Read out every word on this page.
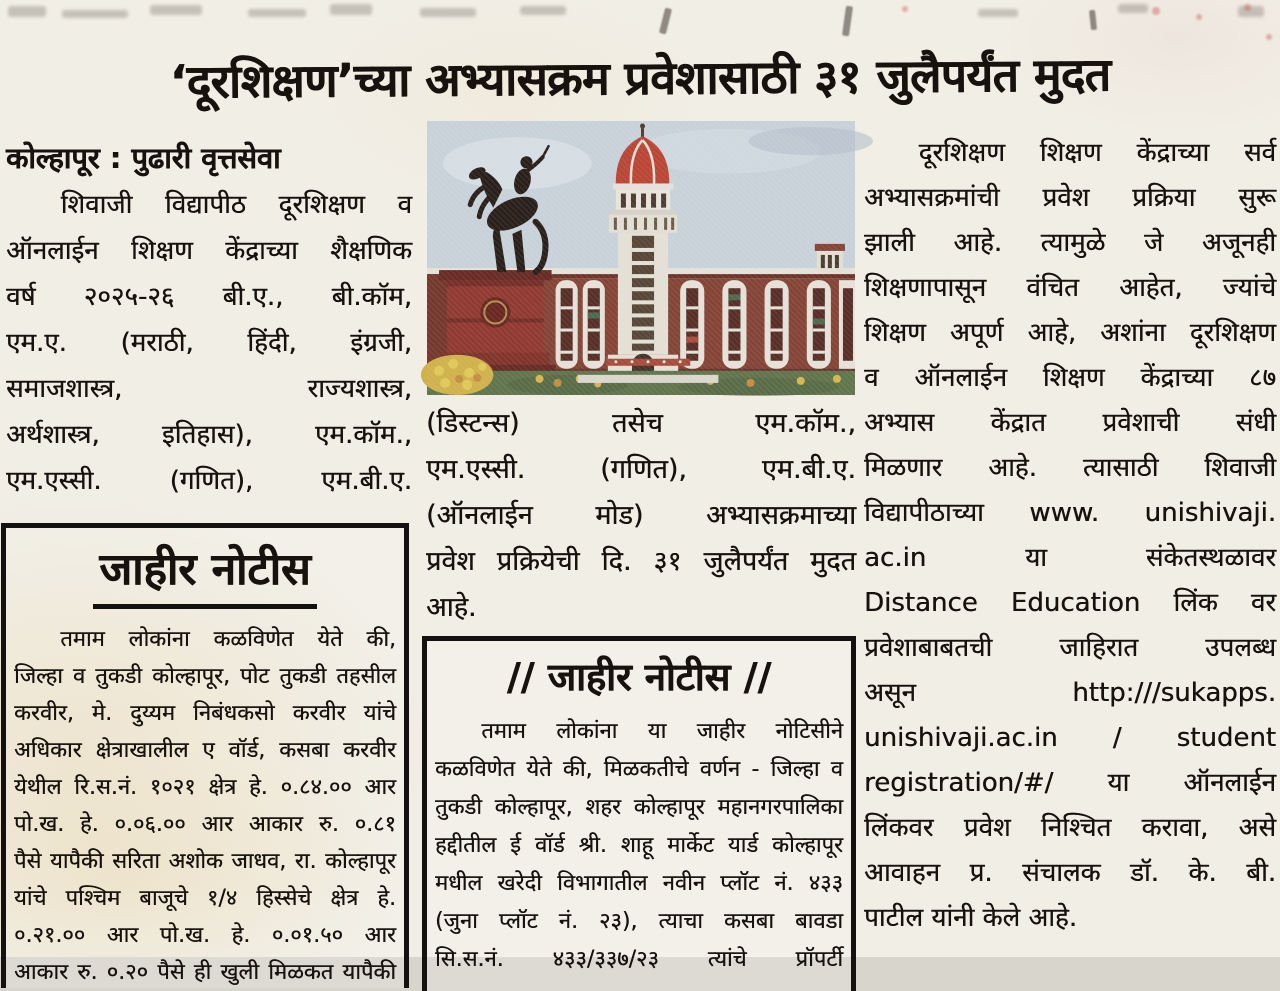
‘दूरशिक्षण’च्या अभ्यासक्रम प्रवेशासाठी ३१ जुलैपर्यंत मुदत
कोल्हापूर : पुढारी वृत्तसेवा
शिवाजी विद्यापीठ दूरशिक्षण व
ऑनलाईन शिक्षण केंद्राच्या शैक्षणिक
वर्ष २०२५-२६ बी.ए., बी.कॉम,
एम.ए. (मराठी, हिंदी, इंग्रजी,
समाजशास्त्र, राज्यशास्त्र,
अर्थशास्त्र, इतिहास), एम.कॉम.,
एम.एस्सी. (गणित), एम.बी.ए.
(डिस्टन्स) तसेच एम.कॉम.,
एम.एस्सी. (गणित), एम.बी.ए.
(ऑनलाईन मोड) अभ्यासक्रमाच्या
प्रवेश प्रक्रियेची दि. ३१ जुलैपर्यंत मुदत
आहे.
जाहीर नोटीस
तमाम लोकांना कळविणेत येते की,
जिल्हा व तुकडी कोल्हापूर, पोट तुकडी तहसील
करवीर, मे. दुय्यम निबंधकसो करवीर यांचे
अधिकार क्षेत्राखालील ए वॉर्ड, कसबा करवीर
येथील रि.स.नं. १०२१ क्षेत्र हे. ०.८४.०० आर
पो.ख. हे. ०.०६.०० आर आकार रु. ०.८१
पैसे यापैकी सरिता अशोक जाधव, रा. कोल्हापूर
यांचे पश्चिम बाजूचे १/४ हिस्सेचे क्षेत्र हे.
०.२१.०० आर पो.ख. हे. ०.०१.५० आर
आकार रु. ०.२० पैसे ही खुली मिळकत यापैकी
// जाहीर नोटीस //
तमाम लोकांना या जाहीर नोटिसीने
कळविणेत येते की, मिळकतीचे वर्णन - जिल्हा व
तुकडी कोल्हापूर, शहर कोल्हापूर महानगरपालिका
हद्दीतील ई वॉर्ड श्री. शाहू मार्केट यार्ड कोल्हापूर
मधील खरेदी विभागातील नवीन प्लॉट नं. ४३३
(जुना प्लॉट नं. २३), त्याचा कसबा बावडा
सि.स.नं. ४३३/३३७/२३ त्यांचे प्रॉपर्टी
दूरशिक्षण शिक्षण केंद्राच्या सर्व
अभ्यासक्रमांची प्रवेश प्रक्रिया सुरू
झाली आहे. त्यामुळे जे अजूनही
शिक्षणापासून वंचित आहेत, ज्यांचे
शिक्षण अपूर्ण आहे, अशांना दूरशिक्षण
व ऑनलाईन शिक्षण केंद्राच्या ८७
अभ्यास केंद्रात प्रवेशाची संधी
मिळणार आहे. त्यासाठी शिवाजी
विद्यापीठाच्या www. unishivaji.
ac.in या संकेतस्थळावर
Distance Education लिंक वर
प्रवेशाबाबतची जाहिरात उपलब्ध
असून http:///sukapps.
unishivaji.ac.in / student
registration/#/ या ऑनलाईन
लिंकवर प्रवेश निश्चित करावा, असे
आवाहन प्र. संचालक डॉ. के. बी.
पाटील यांनी केले आहे.
